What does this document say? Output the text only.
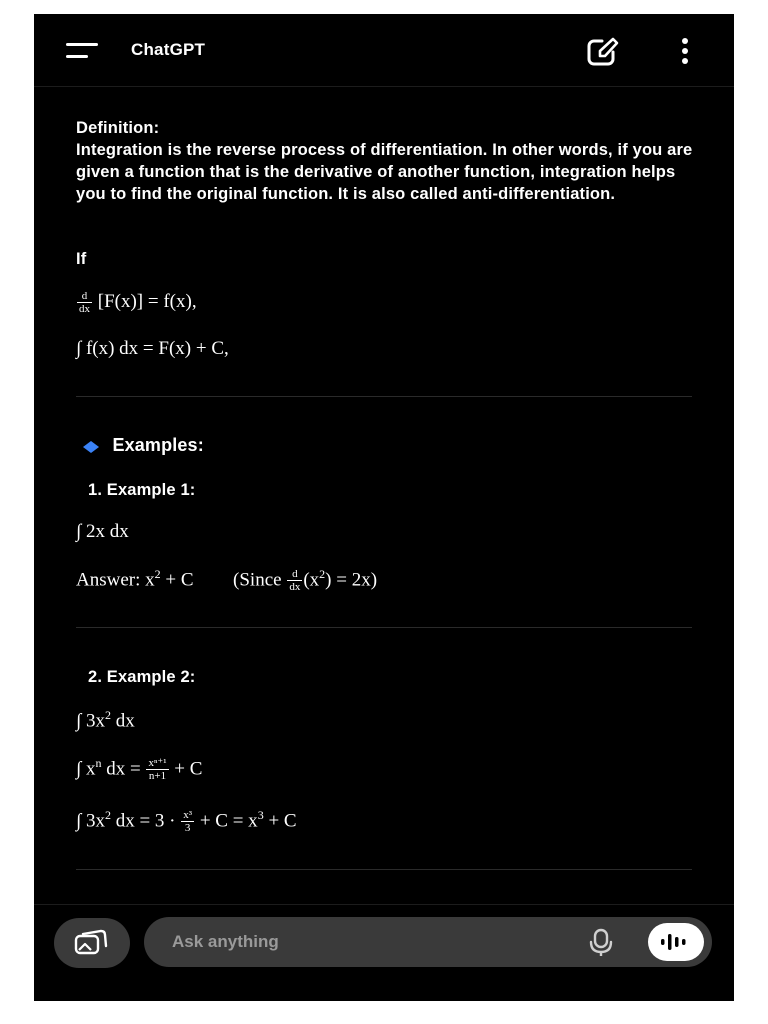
ChatGPT
Definition:
Integration is the reverse process of differentiation. In other words, if you are given a function that is the derivative of another function, integration helps you to find the original function. It is also called anti-differentiation.
If
$\frac{d}{dx} [F(x)] = f(x)$,
∫ f(x) dx = F(x) + C,
Examples:
1. Example 1:
∫ 2x dx
Answer: $x^2 + C$ (Since $\frac{d}{dx} (x^2) = 2x$)
2. Example 2:
∫ $3x^2$ dx
∫ $x^n$ dx = $\frac{\text{xⁿ⁺¹}}{n+1} + C$
∫ $3x^2$ dx = $3 \cdot \frac{\text{x³}}{3} + C = x^3 + C$
Ask anything
